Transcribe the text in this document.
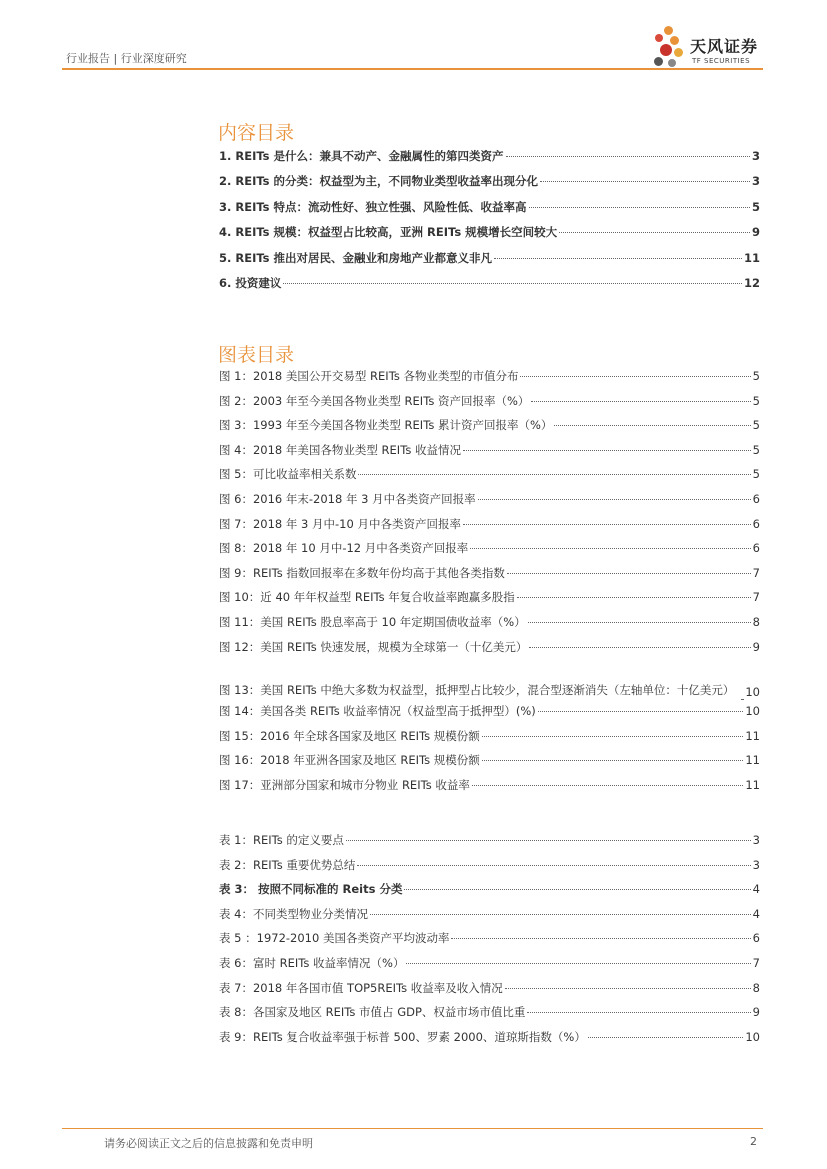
行业报告 | 行业深度研究
天风证券
TF SECURITIES
内容目录
1. REITs 是什么：兼具不动产、金融属性的第四类资产	3
2. REITs 的分类：权益型为主，不同物业类型收益率出现分化	3
3. REITs 特点：流动性好、独立性强、风险性低、收益率高	5
4. REITs 规模：权益型占比较高，亚洲 REITs 规模增长空间较大	9
5. REITs 推出对居民、金融业和房地产业都意义非凡	11
6. 投资建议	12
图表目录
图 1：2018 美国公开交易型 REITs 各物业类型的市值分布	5
图 2：2003 年至今美国各物业类型 REITs 资产回报率（%）	5
图 3：1993 年至今美国各物业类型 REITs 累计资产回报率（%）	5
图 4：2018 年美国各物业类型 REITs 收益情况	5
图 5：可比收益率相关系数	5
图 6：2016 年末-2018 年 3 月中各类资产回报率	6
图 7：2018 年 3 月中-10 月中各类资产回报率	6
图 8：2018 年 10 月中-12 月中各类资产回报率	6
图 9：REITs 指数回报率在多数年份均高于其他各类指数	7
图 10：近 40 年年权益型 REITs 年复合收益率跑赢多股指	7
图 11：美国 REITs 股息率高于 10 年定期国债收益率（%）	8
图 12：美国 REITs 快速发展，规模为全球第一（十亿美元）	9
图 13：美国 REITs 中绝大多数为权益型，抵押型占比较少，混合型逐渐消失（左轴单位：十亿美元） 10
图 14：美国各类 REITs 收益率情况（权益型高于抵押型）(%)	10
图 15：2016 年全球各国家及地区 REITs 规模份额	11
图 16：2018 年亚洲各国家及地区 REITs 规模份额	11
图 17：亚洲部分国家和城市分物业 REITs 收益率	11
表 1：REITs 的定义要点	3
表 2：REITs 重要优势总结	3
表 3： 按照不同标准的 Reits 分类	4
表 4：不同类型物业分类情况	4
表 5 ：1972-2010 美国各类资产平均波动率	6
表 6：富时 REITs 收益率情况（%）	7
表 7：2018 年各国市值 TOP5REITs 收益率及收入情况	8
表 8：各国家及地区 REITs 市值占 GDP、权益市场市值比重	9
表 9：REITs 复合收益率强于标普 500、罗素 2000、道琼斯指数（%）	10
请务必阅读正文之后的信息披露和免责申明	2
